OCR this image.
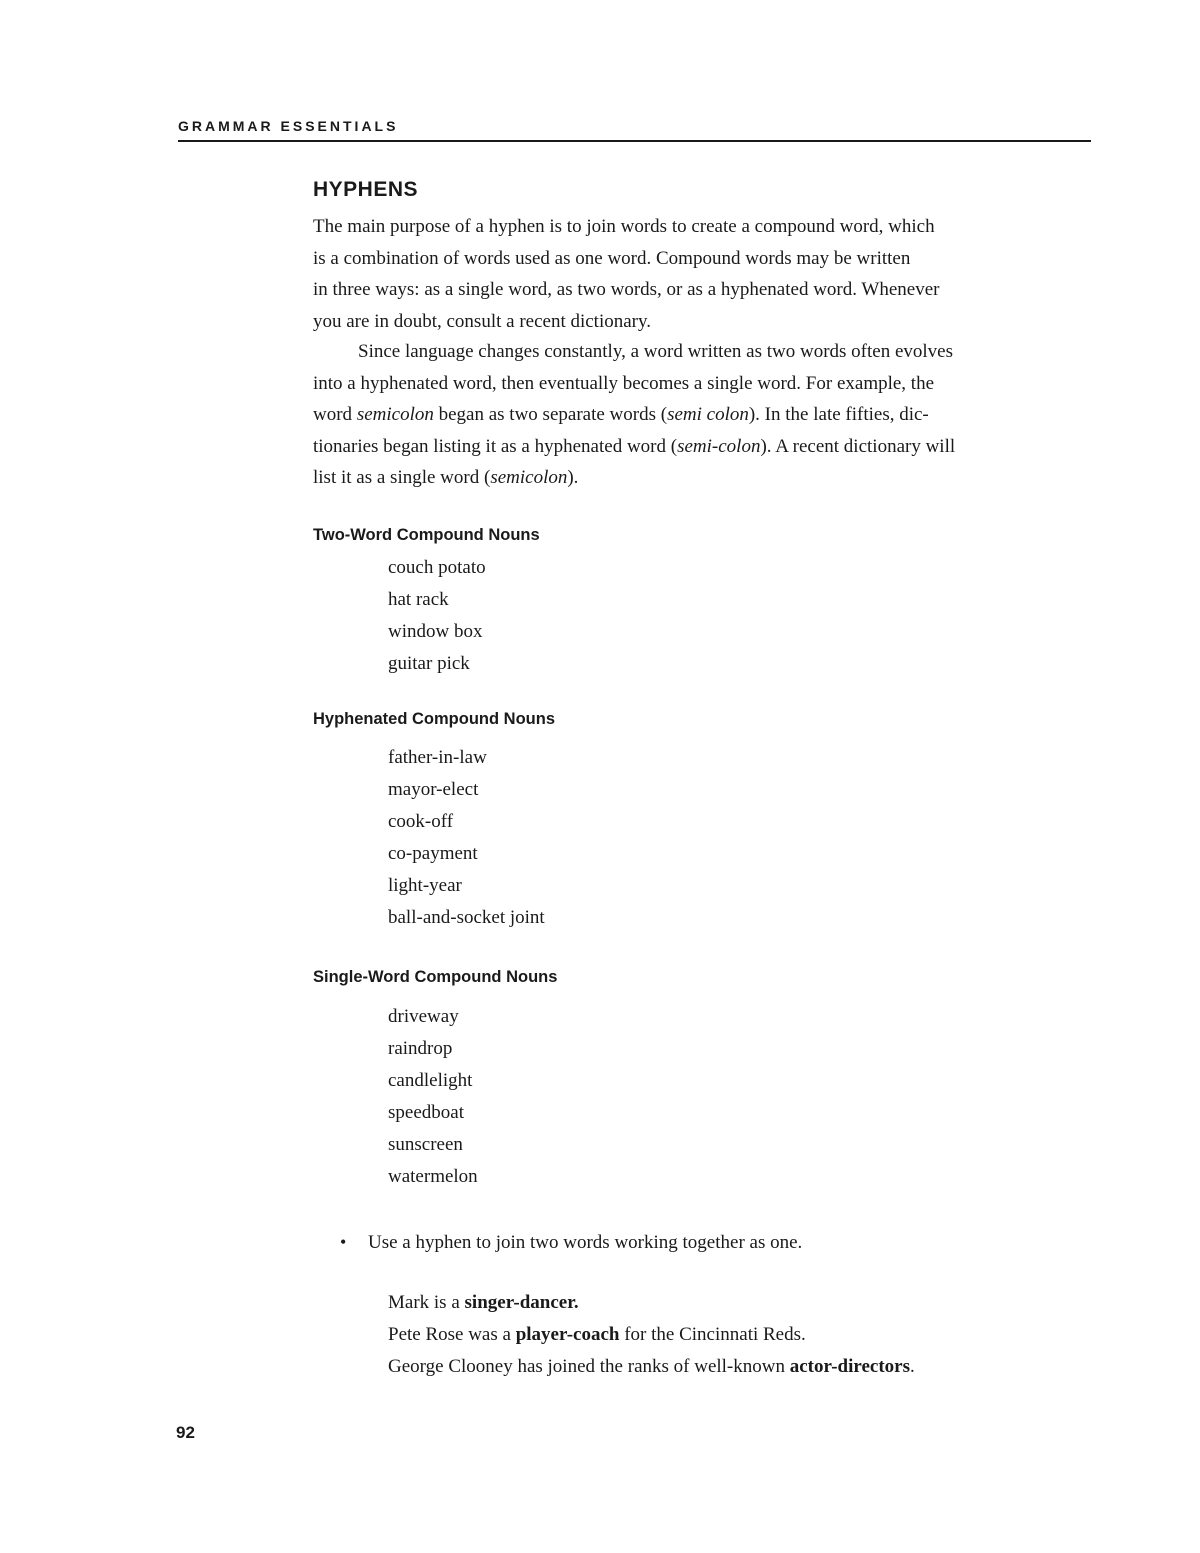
GRAMMAR ESSENTIALS
HYPHENS

The main purpose of a hyphen is to join words to create a compound word, which
is a combination of words used as one word. Compound words may be written
in three ways: as a single word, as two words, or as a hyphenated word. Whenever
you are in doubt, consult a recent dictionary.

Since language changes constantly, a word written as two words often evolves
into a hyphenated word, then eventually becomes a single word. For example, the
word semicolon began as two separate words (semi colon). In the late fifties, dic-
tionaries began listing it as a hyphenated word (semi-colon). A recent dictionary will
list it as a single word (semicolon).

Two-Word Compound Nouns
couch potato
hat rack
window box
guitar pick
Hyphenated Compound Nouns
father-in-law
mayor-elect
cook-off
co-payment
light-year
ball-and-socket joint
Single-Word Compound Nouns
driveway
raindrop
candlelight
speedboat
sunscreen
watermelon
• Use a hyphen to join two words working together as one.
Mark is a singer-dancer.
Pete Rose was a player-coach for the Cincinnati Reds.
George Clooney has joined the ranks of well-known actor-directors.
92
